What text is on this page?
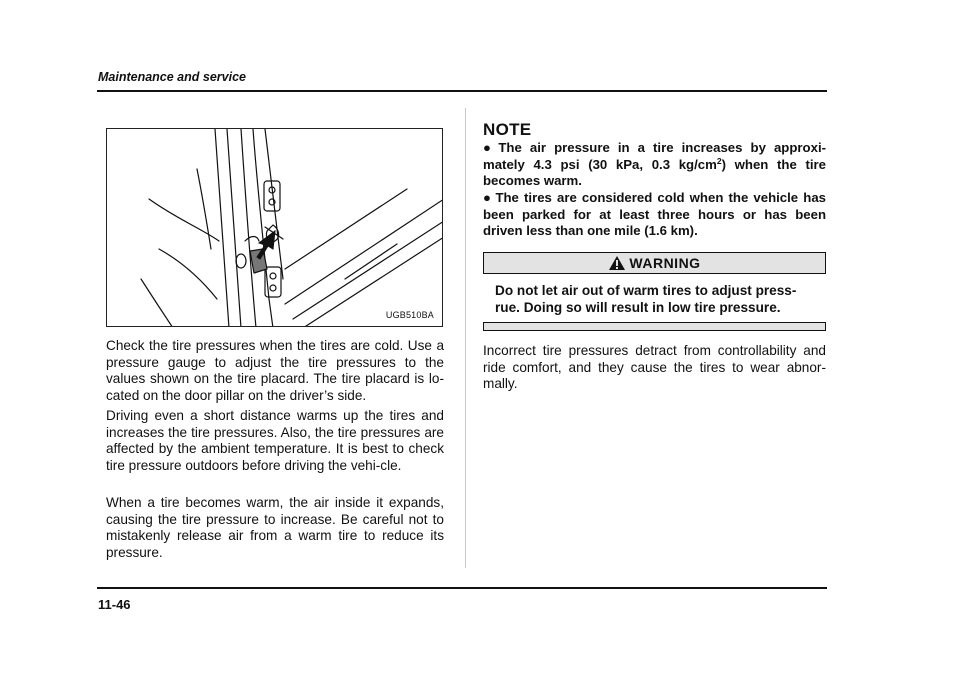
Maintenance and service
UGB510BA

Check the tire pressures when the tires are cold. Use a pressure gauge to adjust the tire pressures to the values shown on the tire placard. The tire placard is lo-cated on the door pillar on the driver’s side.

Driving even a short distance warms up the tires and increases the tire pressures. Also, the tire pressures are affected by the ambient temperature. It is best to check tire pressure outdoors before driving the vehi-cle.

When a tire becomes warm, the air inside it expands, causing the tire pressure to increase. Be careful not to mistakenly release air from a warm tire to reduce its pressure.

NOTE

● The air pressure in a tire increases by approxi-mately 4.3 psi (30 kPa, 0.3 $kg/cm^2$) when the tire becomes warm.

● The tires are considered cold when the vehicle has been parked for at least three hours or has been driven less than one mile (1.6 km).

WARNING

Do not let air out of warm tires to adjust press-rue. Doing so will result in low tire pressure.

Incorrect tire pressures detract from controllability and ride comfort, and they cause the tires to wear abnor-mally.

11-46
